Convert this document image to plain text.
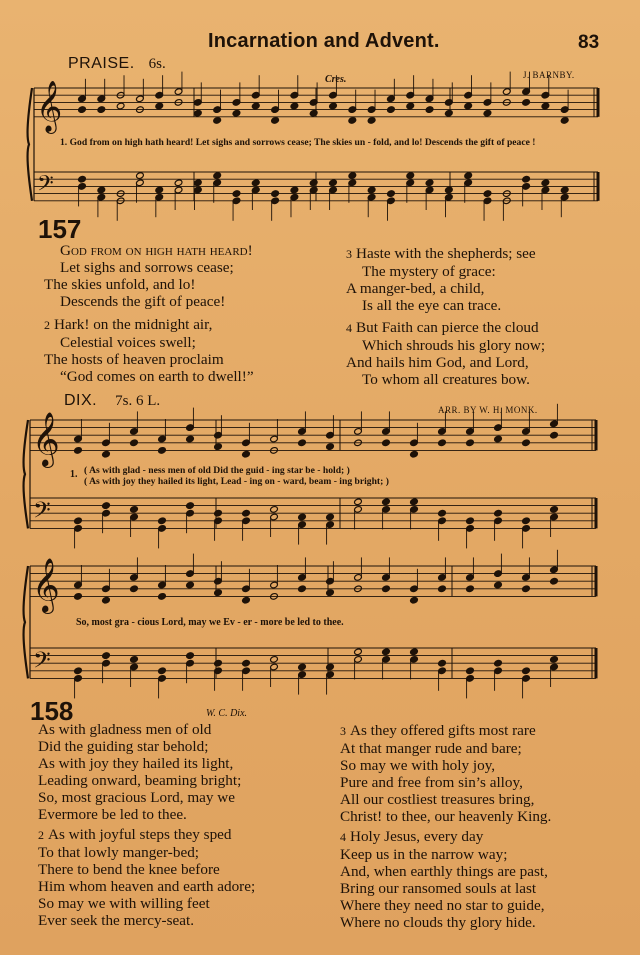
Incarnation and Advent.	83
𝄞
𝄢
𝄞
𝄢
𝄞
𝄢
PRAISE. 6s.
J. BARNBY.
Cres.
1. God from on high hath heard! Let sighs and sorrows cease; The skies un - fold, and lo! Descends the gift of peace !
157
God from on high hath heard!
Let sighs and sorrows cease;
The skies unfold, and lo!
Descends the gift of peace!
2 Hark! on the midnight air,
Celestial voices swell;
The hosts of heaven proclaim
“God comes on earth to dwell!”
3 Haste with the shepherds; see
The mystery of grace:
A manger-bed, a child,
Is all the eye can trace.
4 But Faith can pierce the cloud
Which shrouds his glory now;
And hails him God, and Lord,
To whom all creatures bow.
DIX. 7s. 6 L.
ARR. BY W. H. MONK.
1. ( As with glad - ness men of old Did the guid - ing star be - hold; )
( As with joy they hailed its light, Lead - ing on - ward, beam - ing bright; )
So, most gra - cious Lord, may we Ev - er - more be led to thee.
158	W. C. Dix.
As with gladness men of old
Did the guiding star behold;
As with joy they hailed its light,
Leading onward, beaming bright;
So, most gracious Lord, may we
Evermore be led to thee.
2 As with joyful steps they sped
To that lowly manger-bed;
There to bend the knee before
Him whom heaven and earth adore;
So may we with willing feet
Ever seek the mercy-seat.
3 As they offered gifts most rare
At that manger rude and bare;
So may we with holy joy,
Pure and free from sin’s alloy,
All our costliest treasures bring,
Christ! to thee, our heavenly King.
4 Holy Jesus, every day
Keep us in the narrow way;
And, when earthly things are past,
Bring our ransomed souls at last
Where they need no star to guide,
Where no clouds thy glory hide.
